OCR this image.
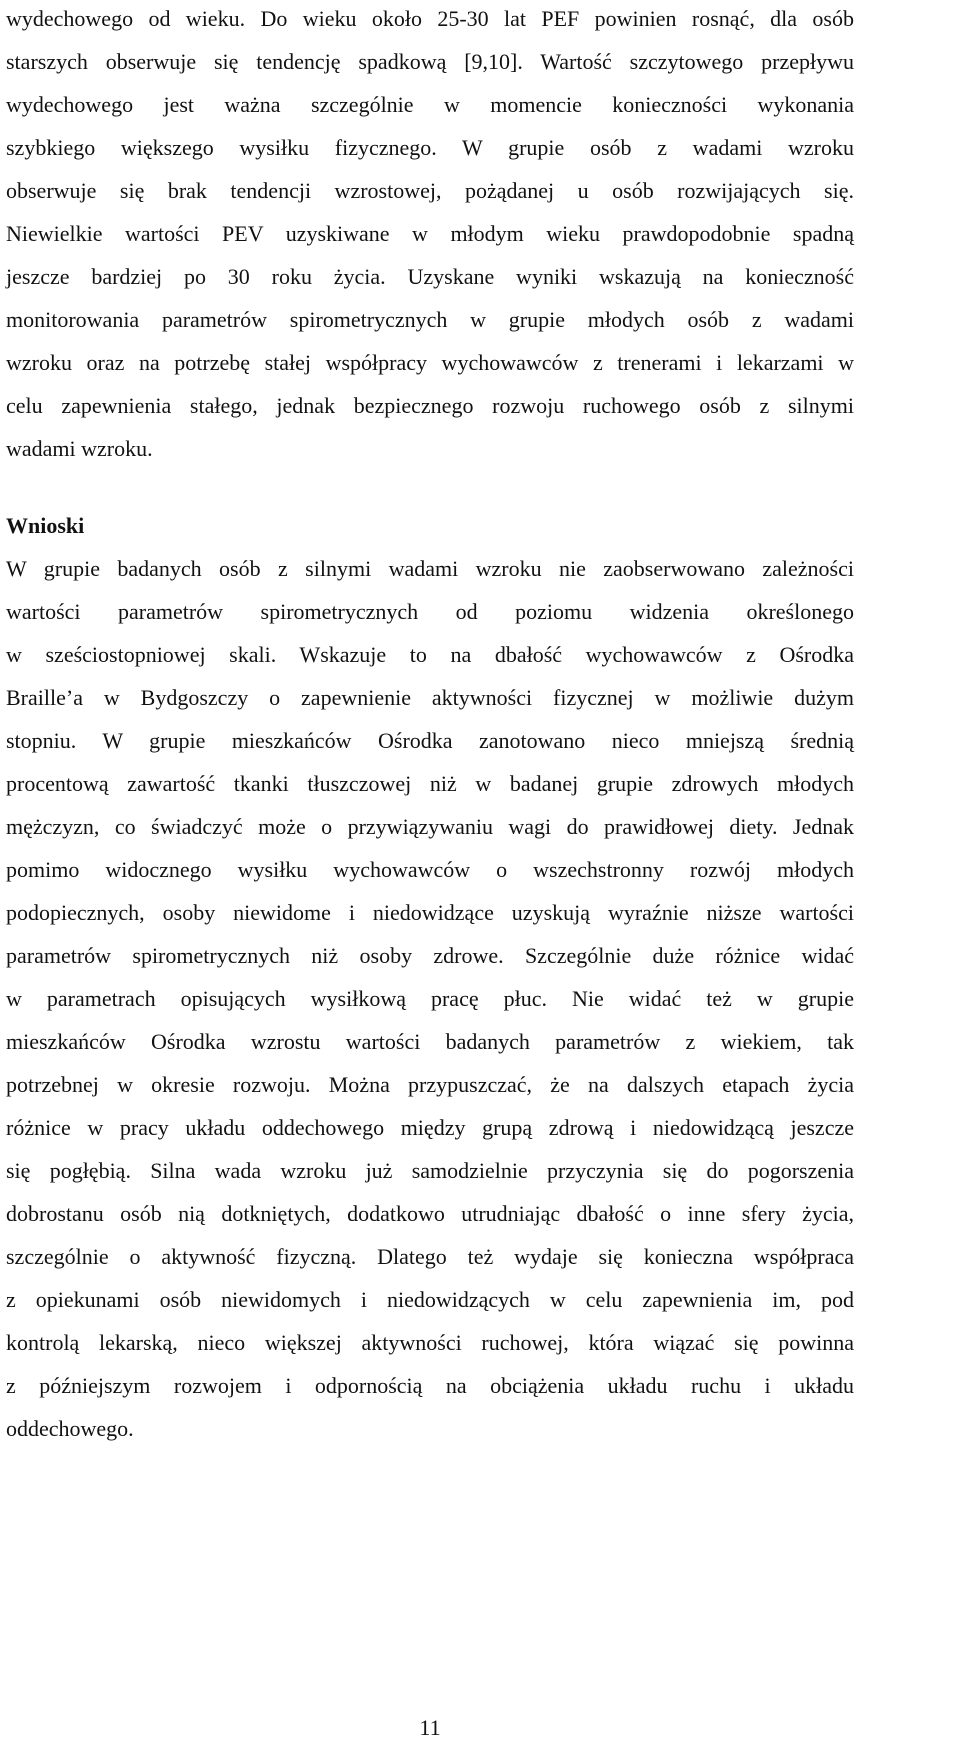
wydechowego od wieku. Do wieku około 25-30 lat PEF powinien rosnąć, dla osób
starszych obserwuje się tendencję spadkową [9,10]. Wartość szczytowego przepływu
wydechowego jest ważna szczególnie w momencie konieczności wykonania
szybkiego większego wysiłku fizycznego. W grupie osób z wadami wzroku
obserwuje się brak tendencji wzrostowej, pożądanej u osób rozwijających się.
Niewielkie wartości PEV uzyskiwane w młodym wieku prawdopodobnie spadną
jeszcze bardziej po 30 roku życia. Uzyskane wyniki wskazują na konieczność
monitorowania parametrów spirometrycznych w grupie młodych osób z wadami
wzroku oraz na potrzebę stałej współpracy wychowawców z trenerami i lekarzami w
celu zapewnienia stałego, jednak bezpiecznego rozwoju ruchowego osób z silnymi
wadami wzroku.
Wnioski
W grupie badanych osób z silnymi wadami wzroku nie zaobserwowano zależności
wartości parametrów spirometrycznych od poziomu widzenia określonego
w sześciostopniowej skali. Wskazuje to na dbałość wychowawców z Ośrodka
Braille’a w Bydgoszczy o zapewnienie aktywności fizycznej w możliwie dużym
stopniu. W grupie mieszkańców Ośrodka zanotowano nieco mniejszą średnią
procentową zawartość tkanki tłuszczowej niż w badanej grupie zdrowych młodych
mężczyzn, co świadczyć może o przywiązywaniu wagi do prawidłowej diety. Jednak
pomimo widocznego wysiłku wychowawców o wszechstronny rozwój młodych
podopiecznych, osoby niewidome i niedowidzące uzyskują wyraźnie niższe wartości
parametrów spirometrycznych niż osoby zdrowe. Szczególnie duże różnice widać
w parametrach opisujących wysiłkową pracę płuc. Nie widać też w grupie
mieszkańców Ośrodka wzrostu wartości badanych parametrów z wiekiem, tak
potrzebnej w okresie rozwoju. Można przypuszczać, że na dalszych etapach życia
różnice w pracy układu oddechowego między grupą zdrową i niedowidzącą jeszcze
się pogłębią. Silna wada wzroku już samodzielnie przyczynia się do pogorszenia
dobrostanu osób nią dotkniętych, dodatkowo utrudniając dbałość o inne sfery życia,
szczególnie o aktywność fizyczną. Dlatego też wydaje się konieczna współpraca
z opiekunami osób niewidomych i niedowidzących w celu zapewnienia im, pod
kontrolą lekarską, nieco większej aktywności ruchowej, która wiązać się powinna
z późniejszym rozwojem i odpornością na obciążenia układu ruchu i układu
oddechowego.
11
